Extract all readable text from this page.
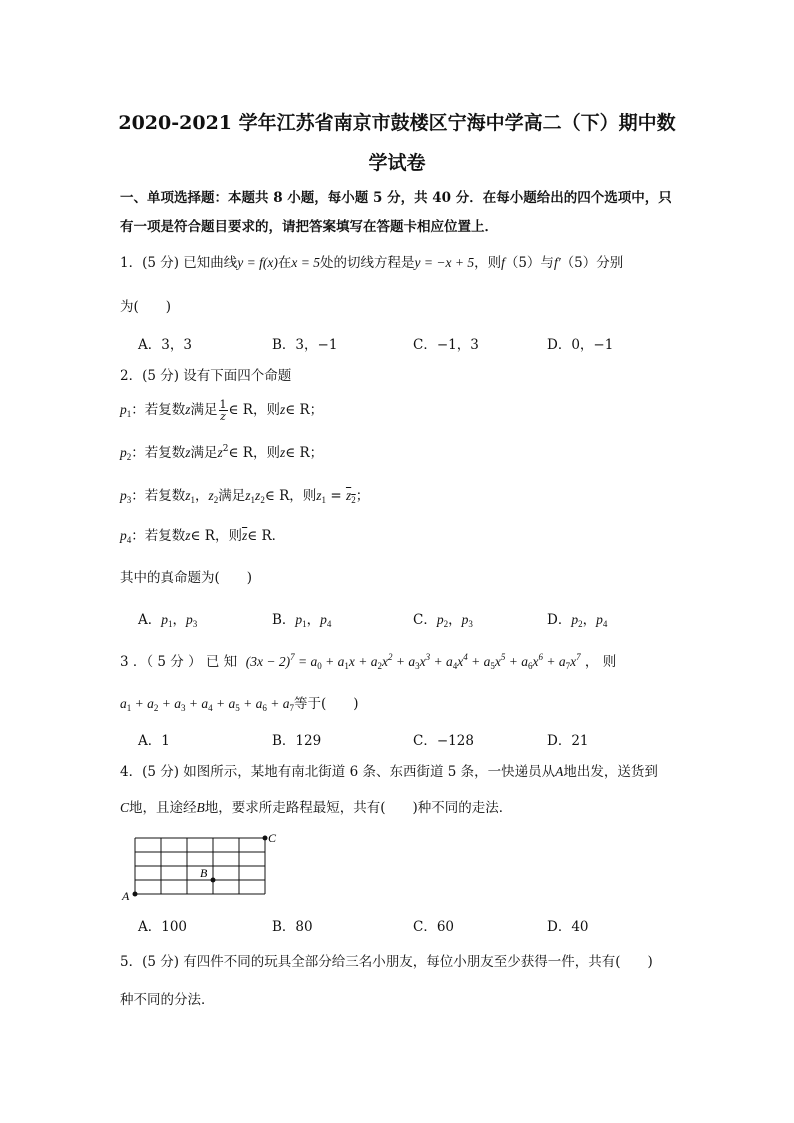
2020-2021 学年江苏省南京市鼓楼区宁海中学高二（下）期中数
学试卷
一、单项选择题：本题共 8 小题，每小题 5 分，共 40 分．在每小题给出的四个选项中，只
有一项是符合题目要求的，请把答案填写在答题卡相应位置上．
1．(5 分) 已知曲线y = f(x)在x = 5处的切线方程是y = −x + 5，则f（5）与f′（5）分别
为(　　)
A．3，3	B．3，−1	C．−1，3	D．0，−1
2．(5 分) 设有下面四个命题
$p_1$：若复数z满足 $\frac{1}{z}$ ∈ R，则z∈ R；
$p_2$：若复数z满足$z^2\in$ R，则z∈ R；
$p_3$：若复数$z_1$，$z_2$满足$z_1z_2\in$ R，则$z_1 = z_2$；
$p_4$：若复数z∈ R，则$\overline{z}\in$ R．
其中的真命题为(　　)
A．$p_1$，$p_3$	B．$p_1$，$p_4$	C．$p_2$，$p_3$	D．$p_2$，$p_4$
3 ．（ 5 分 ） 已 知 $(3x - 2)^7 = a_0 + a_1x + a_2x^2 + a_3x^3 + a_4x^4 + a_5x^5 + a_6x^6 + a_7x^7$ ， 则
$a_1 + a_2 + a_3 + a_4 + a_5 + a_6 + a_7$等于(　　)
A．1	B．129	C．−128	D．21
4．(5 分) 如图所示，某地有南北街道 6 条、东西街道 5 条，一快递员从A地出发，送货到
C地，且途经B地，要求所走路程最短，共有(　　)种不同的走法．
A
B
C
A．100	B．80	C．60	D．40
5．(5 分) 有四件不同的玩具全部分给三名小朋友，每位小朋友至少获得一件，共有(　　)
种不同的分法．
